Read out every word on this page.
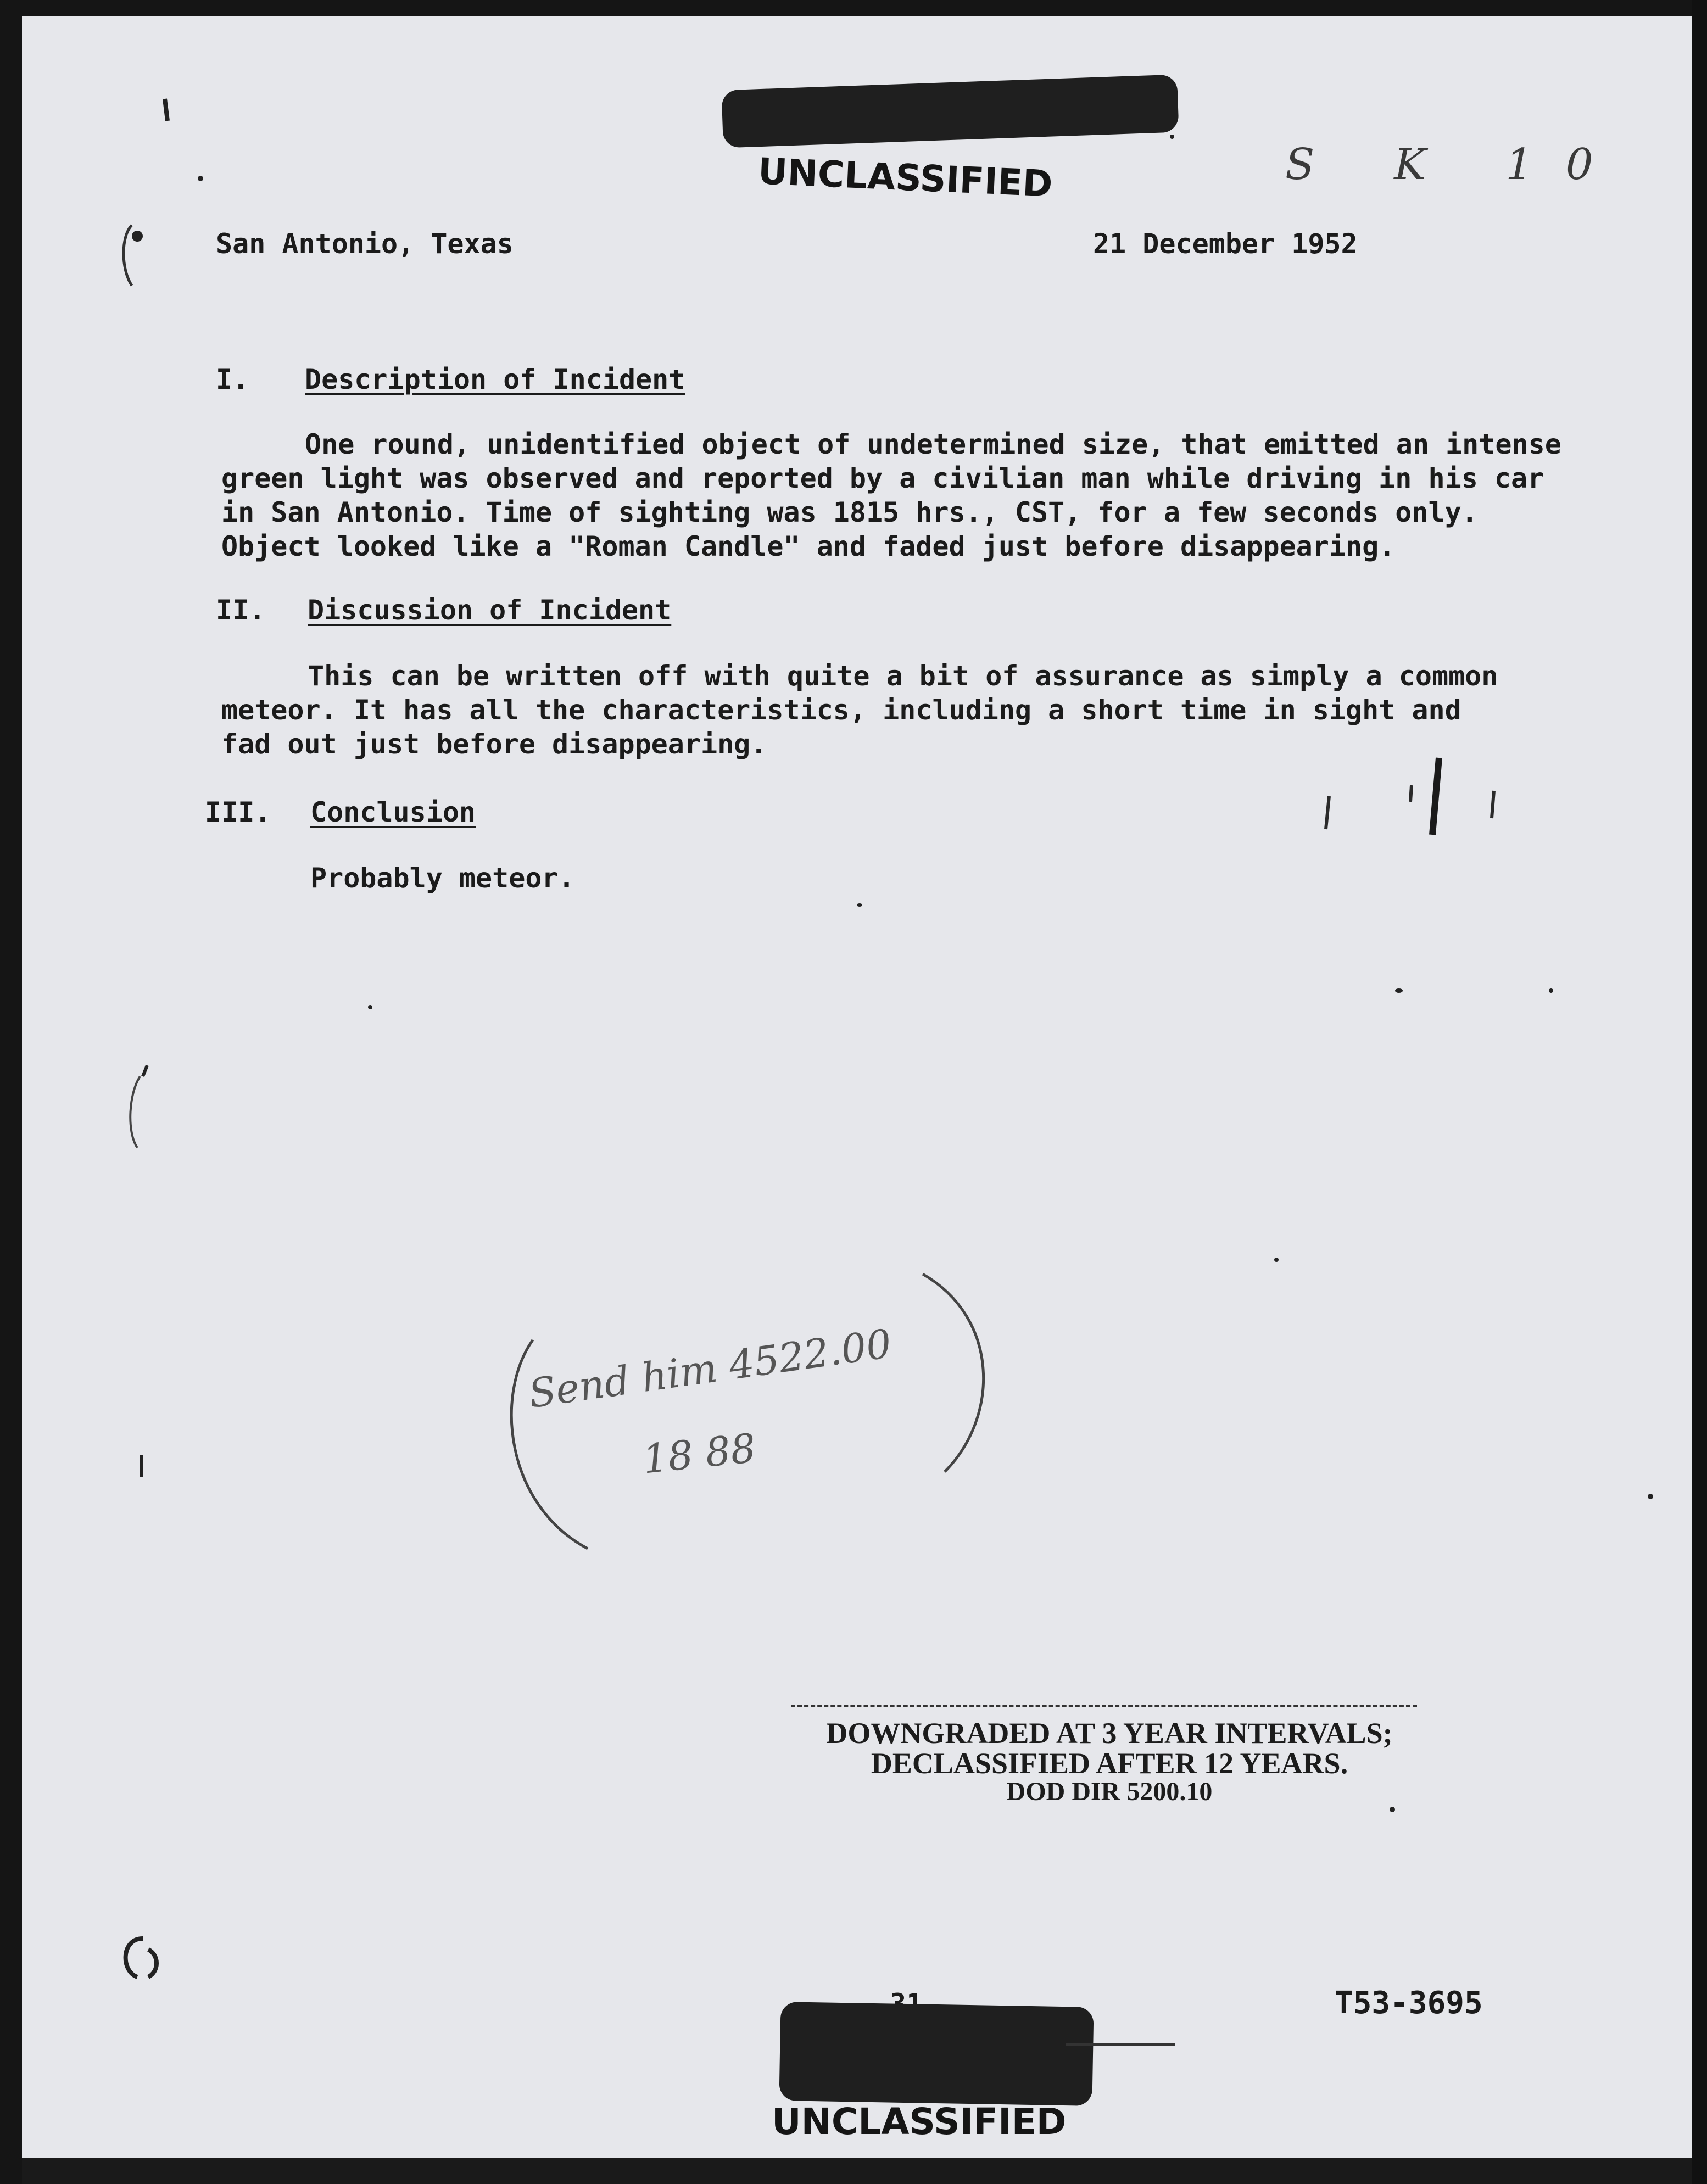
UNCLASSIFIED	S K 10
San Antonio, Texas	21 December 1952
I. Description of Incident
One round, unidentified object of undetermined size, that emitted an intense
green light was observed and reported by a civilian man while driving in his car
in San Antonio. Time of sighting was 1815 hrs., CST, for a few seconds only.
Object looked like a "Roman Candle" and faded just before disappearing.
II. Discussion of Incident
This can be written off with quite a bit of assurance as simply a common
meteor. It has all the characteristics, including a short time in sight and
fad out just before disappearing.
III. Conclusion
Probably meteor.
Send him 4522.00
18 88
DOWNGRADED AT 3 YEAR INTERVALS;
DECLASSIFIED AFTER 12 YEARS.
DOD DIR 5200.10
T53-3695
UNCLASSIFIED
